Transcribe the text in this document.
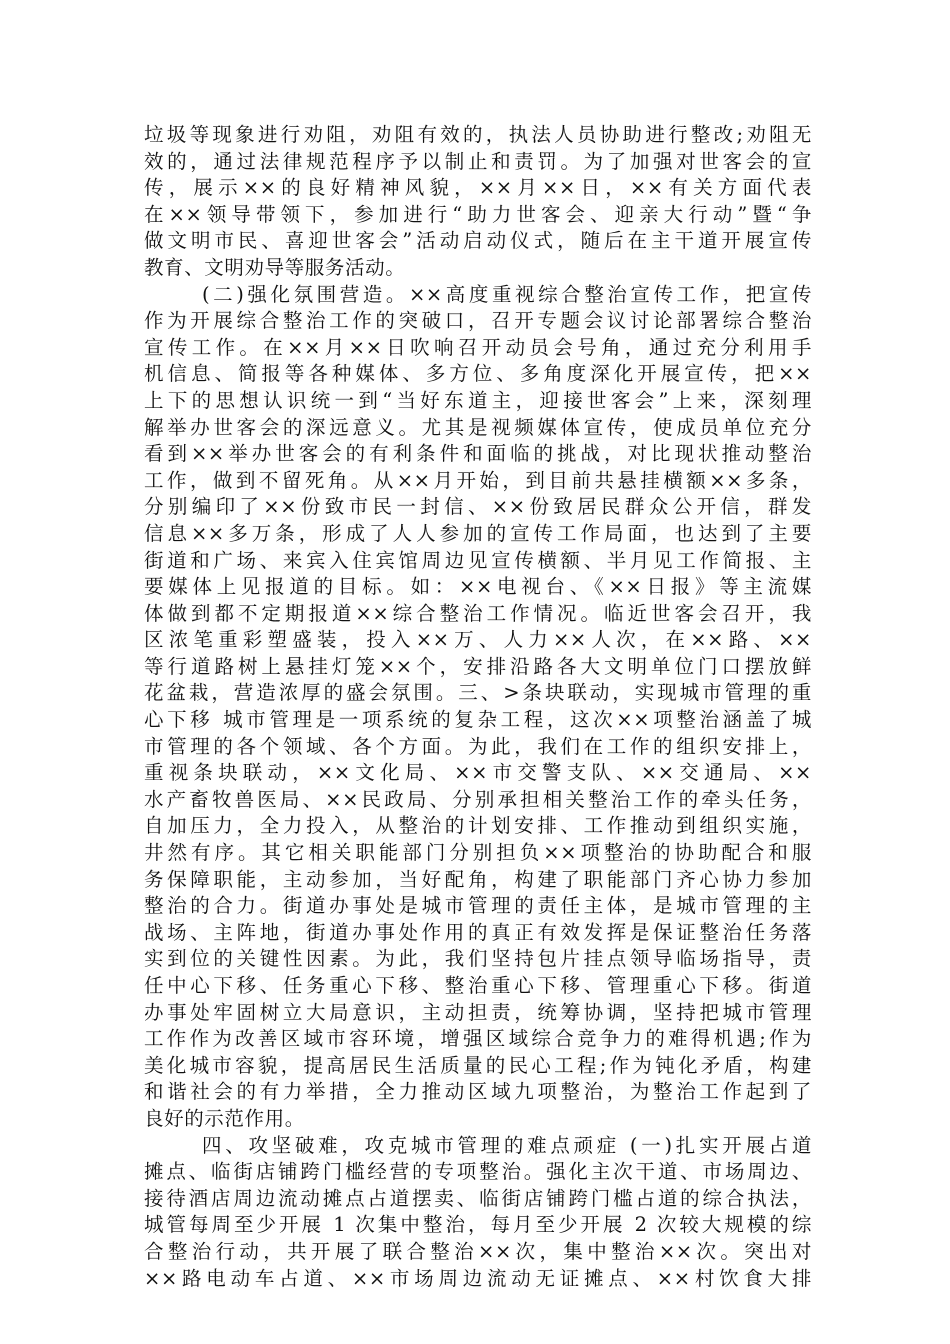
垃圾等现象进行劝阻，劝阻有效的，执法人员协助进行整改;劝阻无
效的，通过法律规范程序予以制止和责罚。为了加强对世客会的宣
传，展示××的良好精神风貌，××月××日，××有关方面代表
在××领导带领下，参加进行“助力世客会、迎亲大行动”暨“争
做文明市民、喜迎世客会”活动启动仪式，随后在主干道开展宣传
教育、文明劝导等服务活动。
(二)强化氛围营造。××高度重视综合整治宣传工作，把宣传
作为开展综合整治工作的突破口，召开专题会议讨论部署综合整治
宣传工作。在××月××日吹响召开动员会号角，通过充分利用手
机信息、简报等各种媒体、多方位、多角度深化开展宣传，把××
上下的思想认识统一到“当好东道主，迎接世客会”上来，深刻理
解举办世客会的深远意义。尤其是视频媒体宣传，使成员单位充分
看到××举办世客会的有利条件和面临的挑战，对比现状推动整治
工作，做到不留死角。从××月开始，到目前共悬挂横额××多条，
分别编印了××份致市民一封信、××份致居民群众公开信，群发
信息××多万条，形成了人人参加的宣传工作局面，也达到了主要
街道和广场、来宾入住宾馆周边见宣传横额、半月见工作简报、主
要媒体上见报道的目标。如：××电视台、《××日报》等主流媒
体做到都不定期报道××综合整治工作情况。临近世客会召开，我
区浓笔重彩塑盛装，投入××万、人力××人次，在××路、××
等行道路树上悬挂灯笼××个，安排沿路各大文明单位门口摆放鲜
花盆栽，营造浓厚的盛会氛围。三、>条块联动，实现城市管理的重
心下移 城市管理是一项系统的复杂工程，这次××项整治涵盖了城
市管理的各个领域、各个方面。为此，我们在工作的组织安排上，
重视条块联动，××文化局、××市交警支队、××交通局、××
水产畜牧兽医局、××民政局、分别承担相关整治工作的牵头任务，
自加压力，全力投入，从整治的计划安排、工作推动到组织实施，
井然有序。其它相关职能部门分别担负××项整治的协助配合和服
务保障职能，主动参加，当好配角，构建了职能部门齐心协力参加
整治的合力。街道办事处是城市管理的责任主体，是城市管理的主
战场、主阵地，街道办事处作用的真正有效发挥是保证整治任务落
实到位的关键性因素。为此，我们坚持包片挂点领导临场指导，责
任中心下移、任务重心下移、整治重心下移、管理重心下移。街道
办事处牢固树立大局意识，主动担责，统筹协调，坚持把城市管理
工作作为改善区域市容环境，增强区域综合竞争力的难得机遇;作为
美化城市容貌，提高居民生活质量的民心工程;作为钝化矛盾，构建
和谐社会的有力举措，全力推动区域九项整治，为整治工作起到了
良好的示范作用。
四、攻坚破难，攻克城市管理的难点顽症 (一)扎实开展占道
摊点、临街店铺跨门槛经营的专项整治。强化主次干道、市场周边、
接待酒店周边流动摊点占道摆卖、临街店铺跨门槛占道的综合执法，
城管每周至少开展 1 次集中整治，每月至少开展 2 次较大规模的综
合整治行动，共开展了联合整治××次，集中整治××次。突出对
××路电动车占道、××市场周边流动无证摊点、××村饮食大排
